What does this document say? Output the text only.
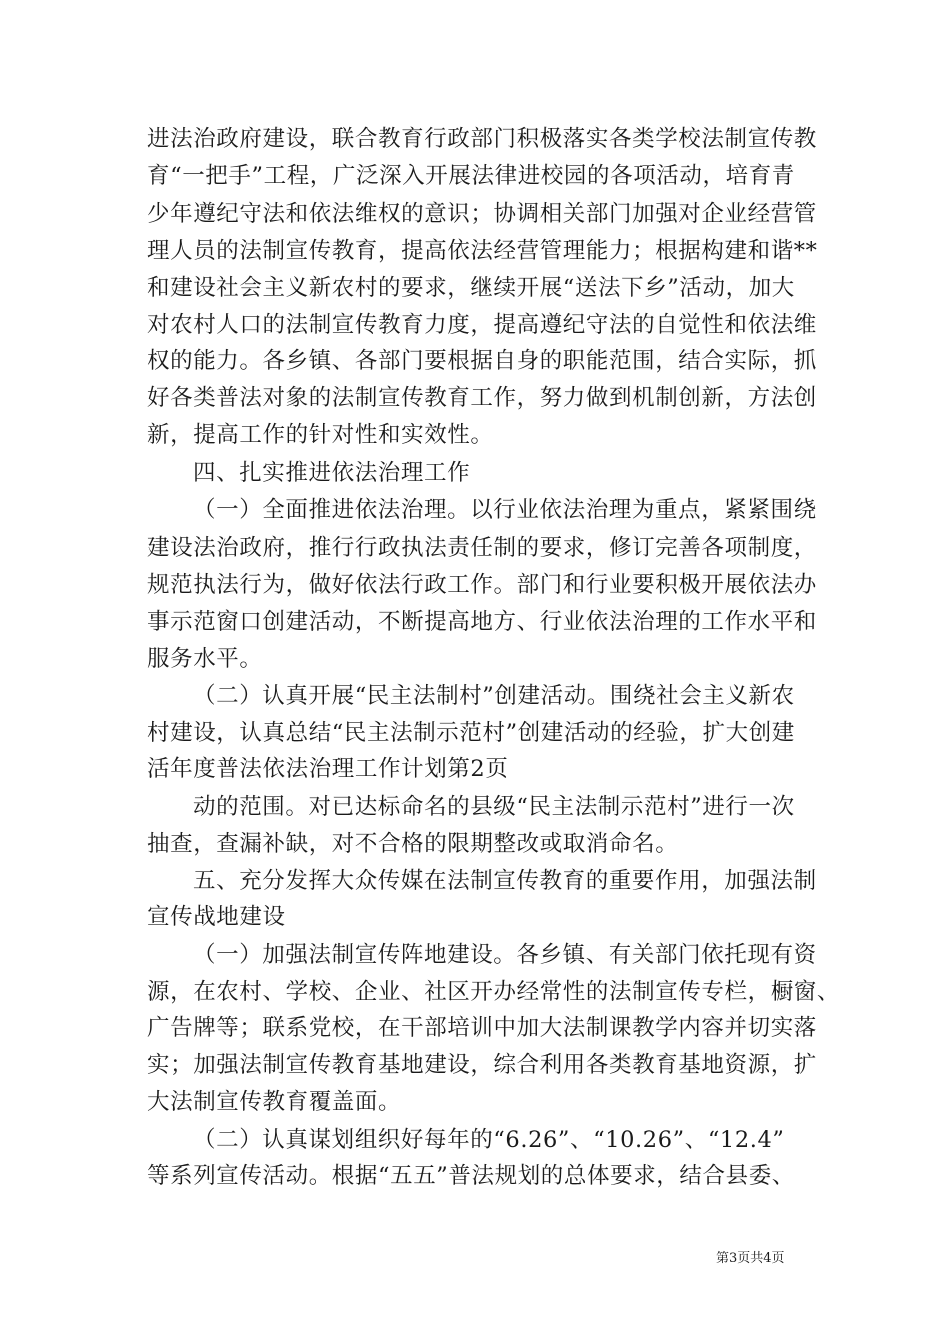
进法治政府建设，联合教育行政部门积极落实各类学校法制宣传教
育“一把手”工程，广泛深入开展法律进校园的各项活动，培育青
少年遵纪守法和依法维权的意识；协调相关部门加强对企业经营管
理人员的法制宣传教育，提高依法经营管理能力；根据构建和谐**
和建设社会主义新农村的要求，继续开展“送法下乡”活动，加大
对农村人口的法制宣传教育力度，提高遵纪守法的自觉性和依法维
权的能力。各乡镇、各部门要根据自身的职能范围，结合实际，抓
好各类普法对象的法制宣传教育工作，努力做到机制创新，方法创
新，提高工作的针对性和实效性。
四、扎实推进依法治理工作
（一）全面推进依法治理。以行业依法治理为重点，紧紧围绕
建设法治政府，推行行政执法责任制的要求，修订完善各项制度，
规范执法行为，做好依法行政工作。部门和行业要积极开展依法办
事示范窗口创建活动，不断提高地方、行业依法治理的工作水平和
服务水平。
（二）认真开展“民主法制村”创建活动。围绕社会主义新农
村建设，认真总结“民主法制示范村”创建活动的经验，扩大创建
活年度普法依法治理工作计划第2页
动的范围。对已达标命名的县级“民主法制示范村”进行一次
抽查，查漏补缺，对不合格的限期整改或取消命名。
五、充分发挥大众传媒在法制宣传教育的重要作用，加强法制
宣传战地建设
（一）加强法制宣传阵地建设。各乡镇、有关部门依托现有资
源，在农村、学校、企业、社区开办经常性的法制宣传专栏，橱窗、
广告牌等；联系党校，在干部培训中加大法制课教学内容并切实落
实；加强法制宣传教育基地建设，综合利用各类教育基地资源，扩
大法制宣传教育覆盖面。
（二）认真谋划组织好每年的“6.26”、“10.26”、“12.4”
等系列宣传活动。根据“五五”普法规划的总体要求，结合县委、
第3页共4页
